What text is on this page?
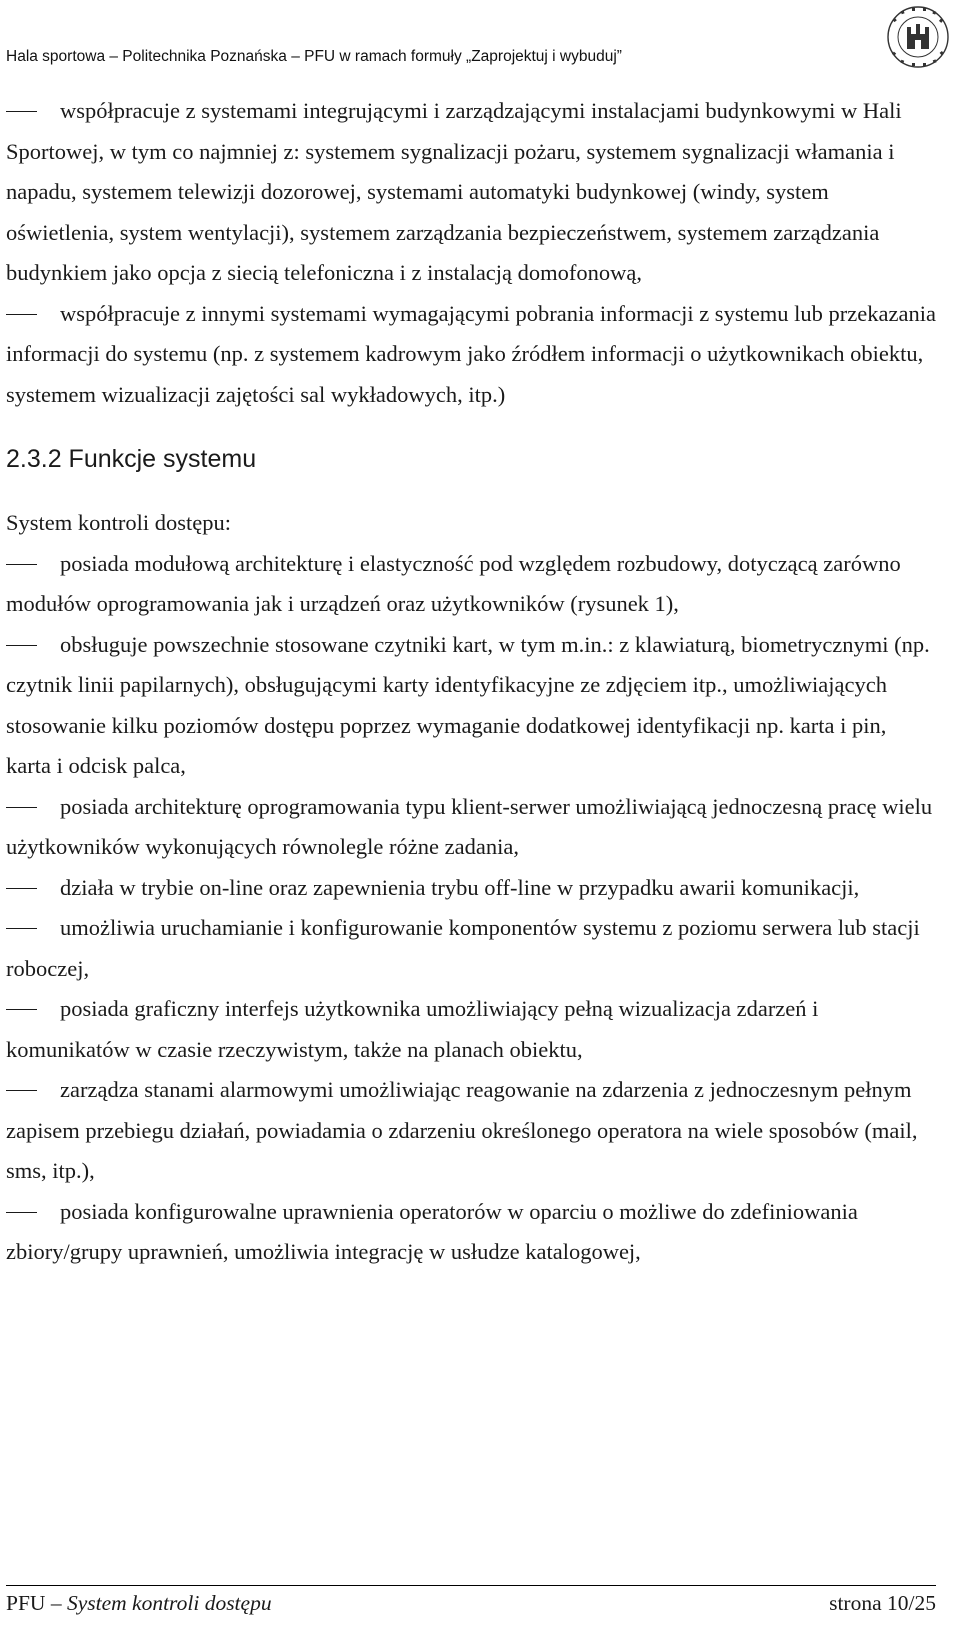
Hala sportowa – Politechnika Poznańska – PFU w ramach formuły „Zaprojektuj i wybuduj”
współpracuje z systemami integrującymi i zarządzającymi instalacjami budynkowymi w Hali Sportowej, w tym co najmniej z: systemem sygnalizacji pożaru, systemem sygnalizacji włamania i napadu, systemem telewizji dozorowej, systemami automatyki budynkowej (windy, system oświetlenia, system wentylacji), systemem zarządzania bezpieczeństwem, systemem zarządzania budynkiem jako opcja z siecią telefoniczna i z instalacją domofonową,
współpracuje z innymi systemami wymagającymi pobrania informacji z systemu lub przekazania informacji do systemu (np. z systemem kadrowym jako źródłem informacji o użytkownikach obiektu, systemem wizualizacji zajętości sal wykładowych, itp.)
2.3.2 Funkcje systemu
System kontroli dostępu:
posiada modułową architekturę i elastyczność pod względem rozbudowy, dotyczącą zarówno modułów oprogramowania jak i urządzeń oraz użytkowników (rysunek 1),
obsługuje powszechnie stosowane czytniki kart, w tym m.in.: z klawiaturą, biometrycznymi (np. czytnik linii papilarnych), obsługującymi karty identyfikacyjne ze zdjęciem itp., umożliwiających stosowanie kilku poziomów dostępu poprzez wymaganie dodatkowej identyfikacji np. karta i pin, karta i odcisk palca,
posiada architekturę oprogramowania typu klient-serwer umożliwiającą jednoczesną pracę wielu użytkowników wykonujących równolegle różne zadania,
działa w trybie on-line oraz zapewnienia trybu off-line w przypadku awarii komunikacji,
umożliwia uruchamianie i konfigurowanie komponentów systemu z poziomu serwera lub stacji roboczej,
posiada graficzny interfejs użytkownika umożliwiający pełną wizualizacja zdarzeń i komunikatów w czasie rzeczywistym, także na planach obiektu,
zarządza stanami alarmowymi umożliwiając reagowanie na zdarzenia z jednoczesnym pełnym zapisem przebiegu działań, powiadamia o zdarzeniu określonego operatora na wiele sposobów (mail, sms, itp.),
posiada konfigurowalne uprawnienia operatorów w oparciu o możliwe do zdefiniowania zbiory/grupy uprawnień, umożliwia integrację w usłudze katalogowej,
PFU – System kontroli dostępu	strona 10/25
